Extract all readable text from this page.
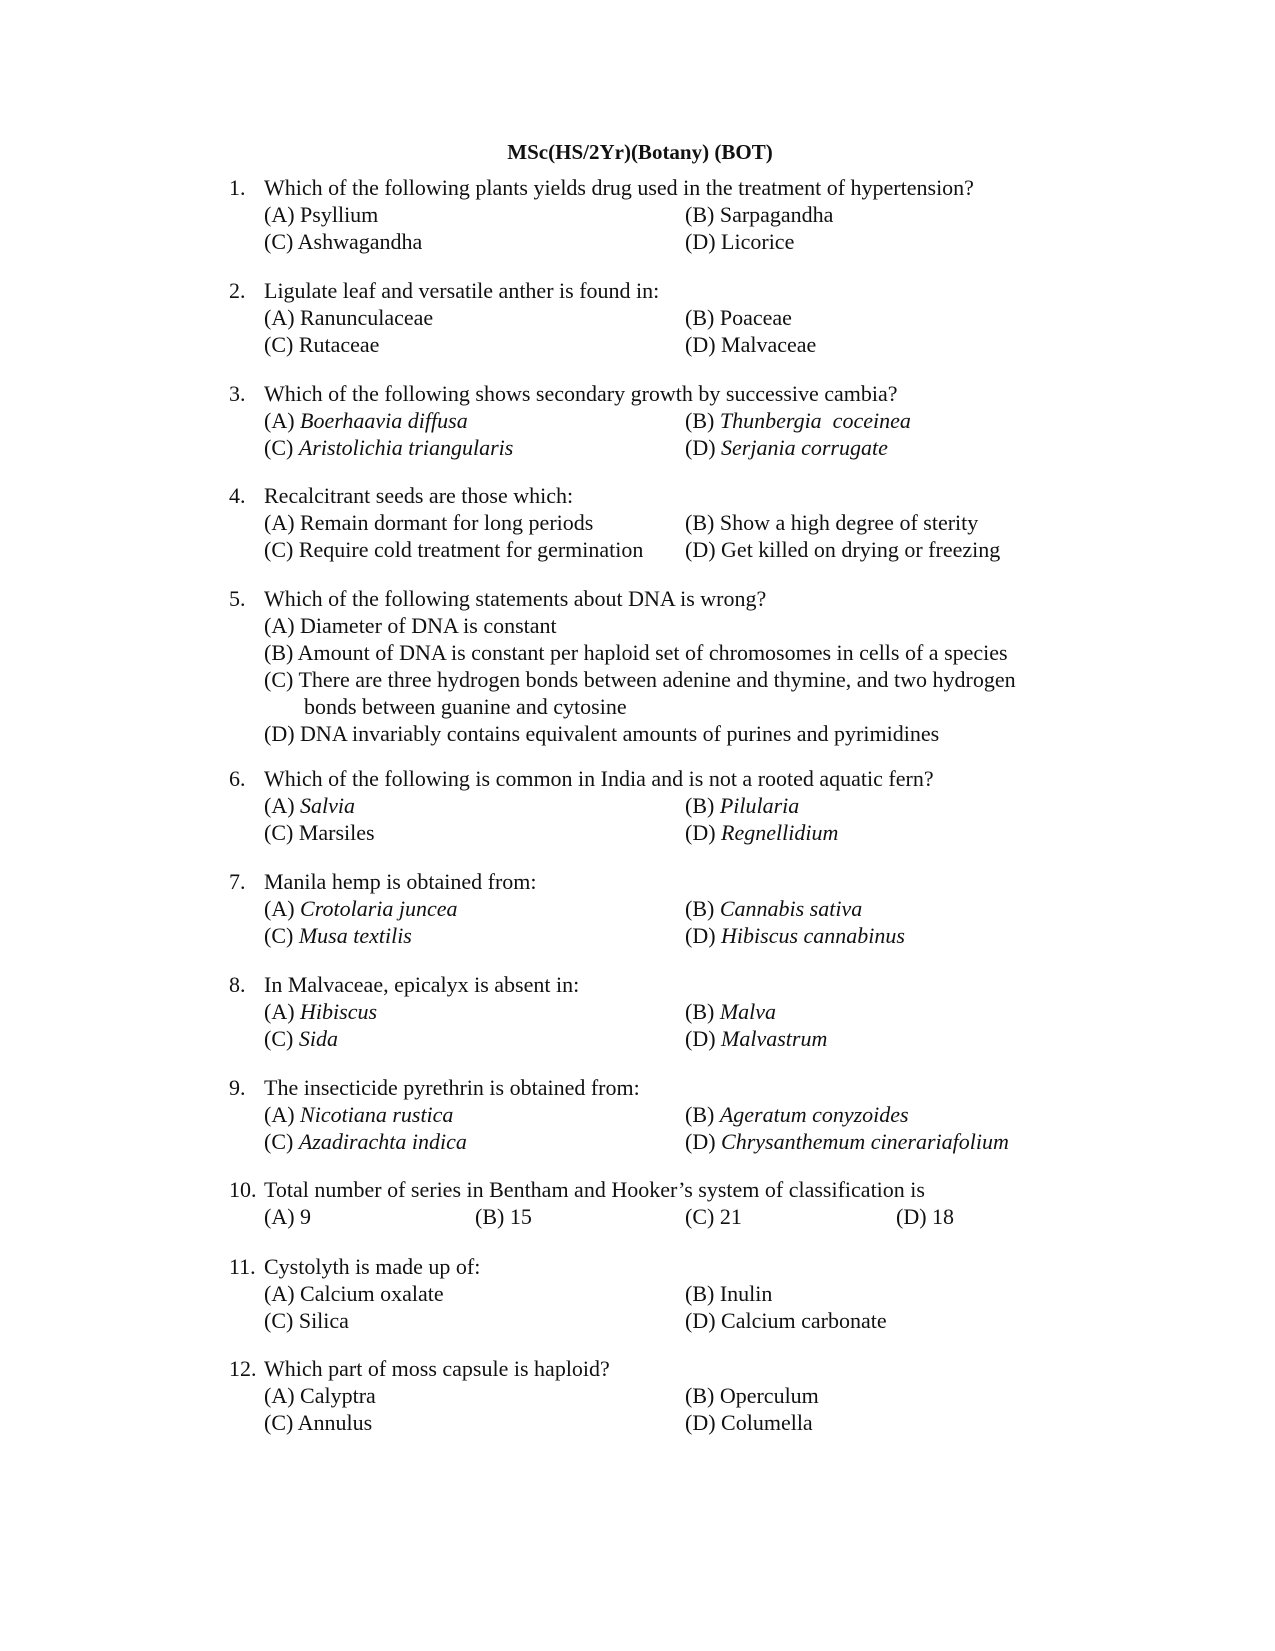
MSc(HS/2Yr)(Botany) (BOT)
1. Which of the following plants yields drug used in the treatment of hypertension?
(A) Psyllium	(B) Sarpagandha
(C) Ashwagandha	(D) Licorice
2. Ligulate leaf and versatile anther is found in:
(A) Ranunculaceae	(B) Poaceae
(C) Rutaceae	(D) Malvaceae
3. Which of the following shows secondary growth by successive cambia?
(A) Boerhaavia diffusa	(B) Thunbergia  coceinea
(C) Aristolichia triangularis	(D) Serjania corrugate
4. Recalcitrant seeds are those which:
(A) Remain dormant for long periods	(B) Show a high degree of sterity
(C) Require cold treatment for germination (D) Get killed on drying or freezing
5. Which of the following statements about DNA is wrong?
(A) Diameter of DNA is constant
(B) Amount of DNA is constant per haploid set of chromosomes in cells of a species
(C) There are three hydrogen bonds between adenine and thymine, and two hydrogen
bonds between guanine and cytosine
(D) DNA invariably contains equivalent amounts of purines and pyrimidines
6. Which of the following is common in India and is not a rooted aquatic fern?
(A) Salvia	(B) Pilularia
(C) Marsiles	(D) Regnellidium
7. Manila hemp is obtained from:
(A) Crotolaria juncea	(B) Cannabis sativa
(C) Musa textilis	(D) Hibiscus cannabinus
8. In Malvaceae, epicalyx is absent in:
(A) Hibiscus	(B) Malva
(C) Sida	(D) Malvastrum
9. The insecticide pyrethrin is obtained from:
(A) Nicotiana rustica	(B) Ageratum conyzoides
(C) Azadirachta indica	(D) Chrysanthemum cinerariafolium
10. Total number of series in Bentham and Hooker’s system of classification is
(A) 9	(B) 15	(C) 21	(D) 18
11. Cystolyth is made up of:
(A) Calcium oxalate	(B) Inulin
(C) Silica	(D) Calcium carbonate
12. Which part of moss capsule is haploid?
(A) Calyptra	(B) Operculum
(C) Annulus	(D) Columella
